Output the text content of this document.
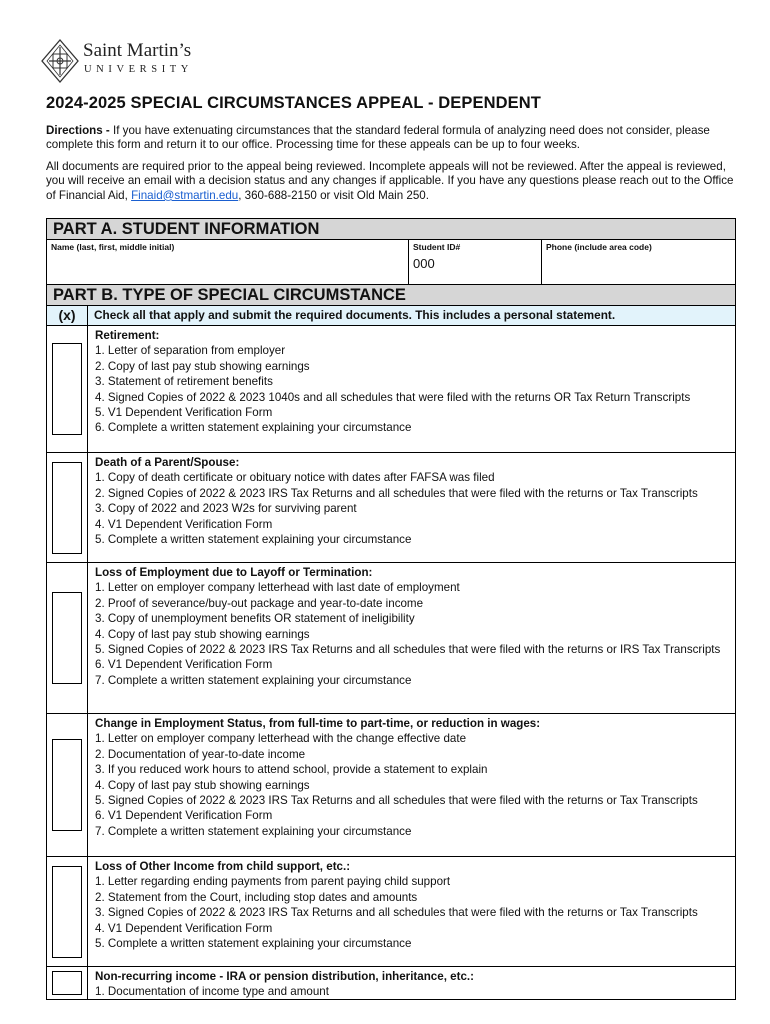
Saint Martin’s
UNIVERSITY
2024-2025 SPECIAL CIRCUMSTANCES APPEAL - DEPENDENT

Directions - If you have extenuating circumstances that the standard federal formula of analyzing need does not consider, please complete this form and return it to our office. Processing time for these appeals can be up to four weeks.

All documents are required prior to the appeal being reviewed. Incomplete appeals will not be reviewed. After the appeal is reviewed, you will receive an email with a decision status and any changes if applicable. If you have any questions please reach out to the Office of Financial Aid, Finaid@stmartin.edu, 360-688-2150 or visit Old Main 250.

PART A. STUDENT INFORMATION
Name (last, first, middle initial)	Student ID#
000
Phone (include area code)
PART B. TYPE OF SPECIAL CIRCUMSTANCE
(x)	Check all that apply and submit the required documents. This includes a personal statement.
Retirement:
1. Letter of separation from employer
2. Copy of last pay stub showing earnings
3. Statement of retirement benefits
4. Signed Copies of 2022 & 2023 1040s and all schedules that were filed with the returns OR Tax Return Transcripts
5. V1 Dependent Verification Form
6. Complete a written statement explaining your circumstance
Death of a Parent/Spouse:
1. Copy of death certificate or obituary notice with dates after FAFSA was filed
2. Signed Copies of 2022 & 2023 IRS Tax Returns and all schedules that were filed with the returns or Tax Transcripts
3. Copy of 2022 and 2023 W2s for surviving parent
4. V1 Dependent Verification Form
5. Complete a written statement explaining your circumstance
Loss of Employment due to Layoff or Termination:
1. Letter on employer company letterhead with last date of employment
2. Proof of severance/buy-out package and year-to-date income
3. Copy of unemployment benefits OR statement of ineligibility
4. Copy of last pay stub showing earnings
5. Signed Copies of 2022 & 2023 IRS Tax Returns and all schedules that were filed with the returns or IRS Tax Transcripts
6. V1 Dependent Verification Form
7. Complete a written statement explaining your circumstance
Change in Employment Status, from full-time to part-time, or reduction in wages:
1. Letter on employer company letterhead with the change effective date
2. Documentation of year-to-date income
3. If you reduced work hours to attend school, provide a statement to explain
4. Copy of last pay stub showing earnings
5. Signed Copies of 2022 & 2023 IRS Tax Returns and all schedules that were filed with the returns or Tax Transcripts
6. V1 Dependent Verification Form
7. Complete a written statement explaining your circumstance
Loss of Other Income from child support, etc.:
1. Letter regarding ending payments from parent paying child support
2. Statement from the Court, including stop dates and amounts
3. Signed Copies of 2022 & 2023 IRS Tax Returns and all schedules that were filed with the returns or Tax Transcripts
4. V1 Dependent Verification Form
5. Complete a written statement explaining your circumstance
Non-recurring income - IRA or pension distribution, inheritance, etc.:
1. Documentation of income type and amount
